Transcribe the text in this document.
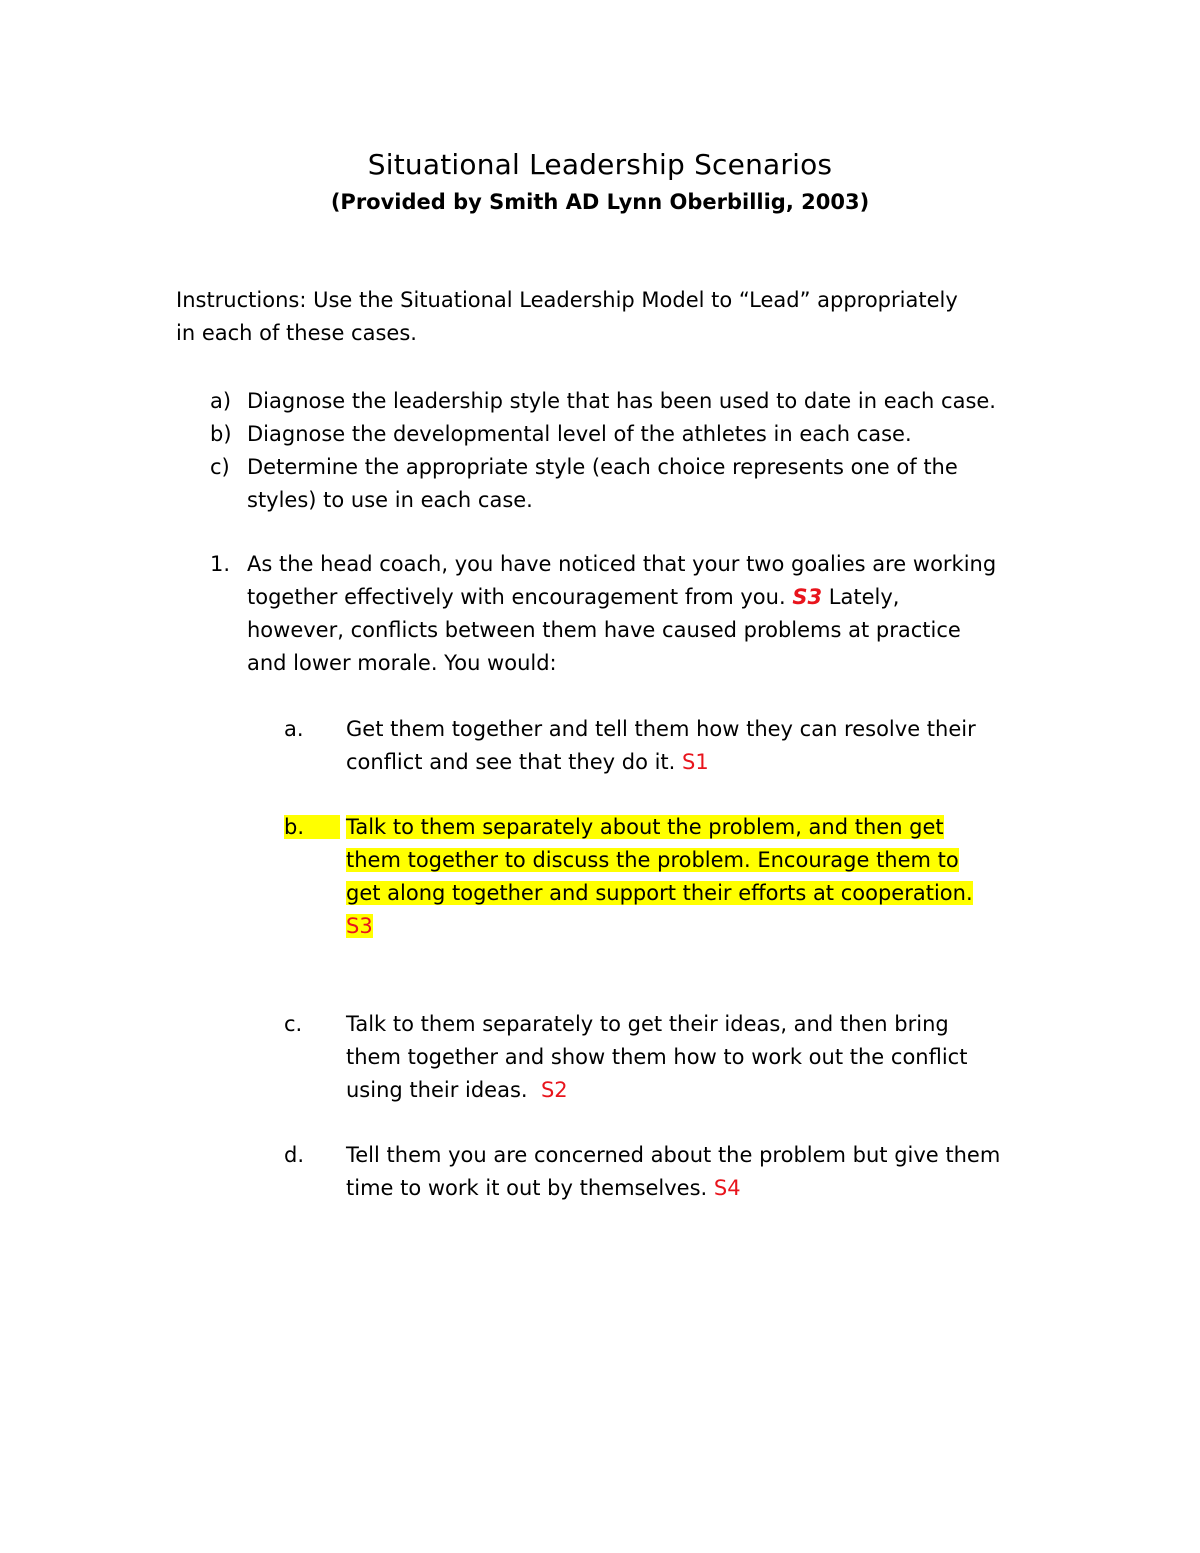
Situational Leadership Scenarios
(Provided by Smith AD Lynn Oberbillig, 2003)
Instructions: Use the Situational Leadership Model to “Lead” appropriately
in each of these cases.
a) Diagnose the leadership style that has been used to date in each case.
b) Diagnose the developmental level of the athletes in each case.
c) Determine the appropriate style (each choice represents one of the
styles) to use in each case.
1. As the head coach, you have noticed that your two goalies are working
together effectively with encouragement from you. S3 Lately,
however, conflicts between them have caused problems at practice
and lower morale. You would:
a. Get them together and tell them how they can resolve their
conflict and see that they do it. S1
b.	Talk to them separately about the problem, and then get
them together to discuss the problem. Encourage them to
get along together and support their efforts at cooperation.
S3
c. Talk to them separately to get their ideas, and then bring
them together and show them how to work out the conflict
using their ideas. S2
d. Tell them you are concerned about the problem but give them
time to work it out by themselves. S4
